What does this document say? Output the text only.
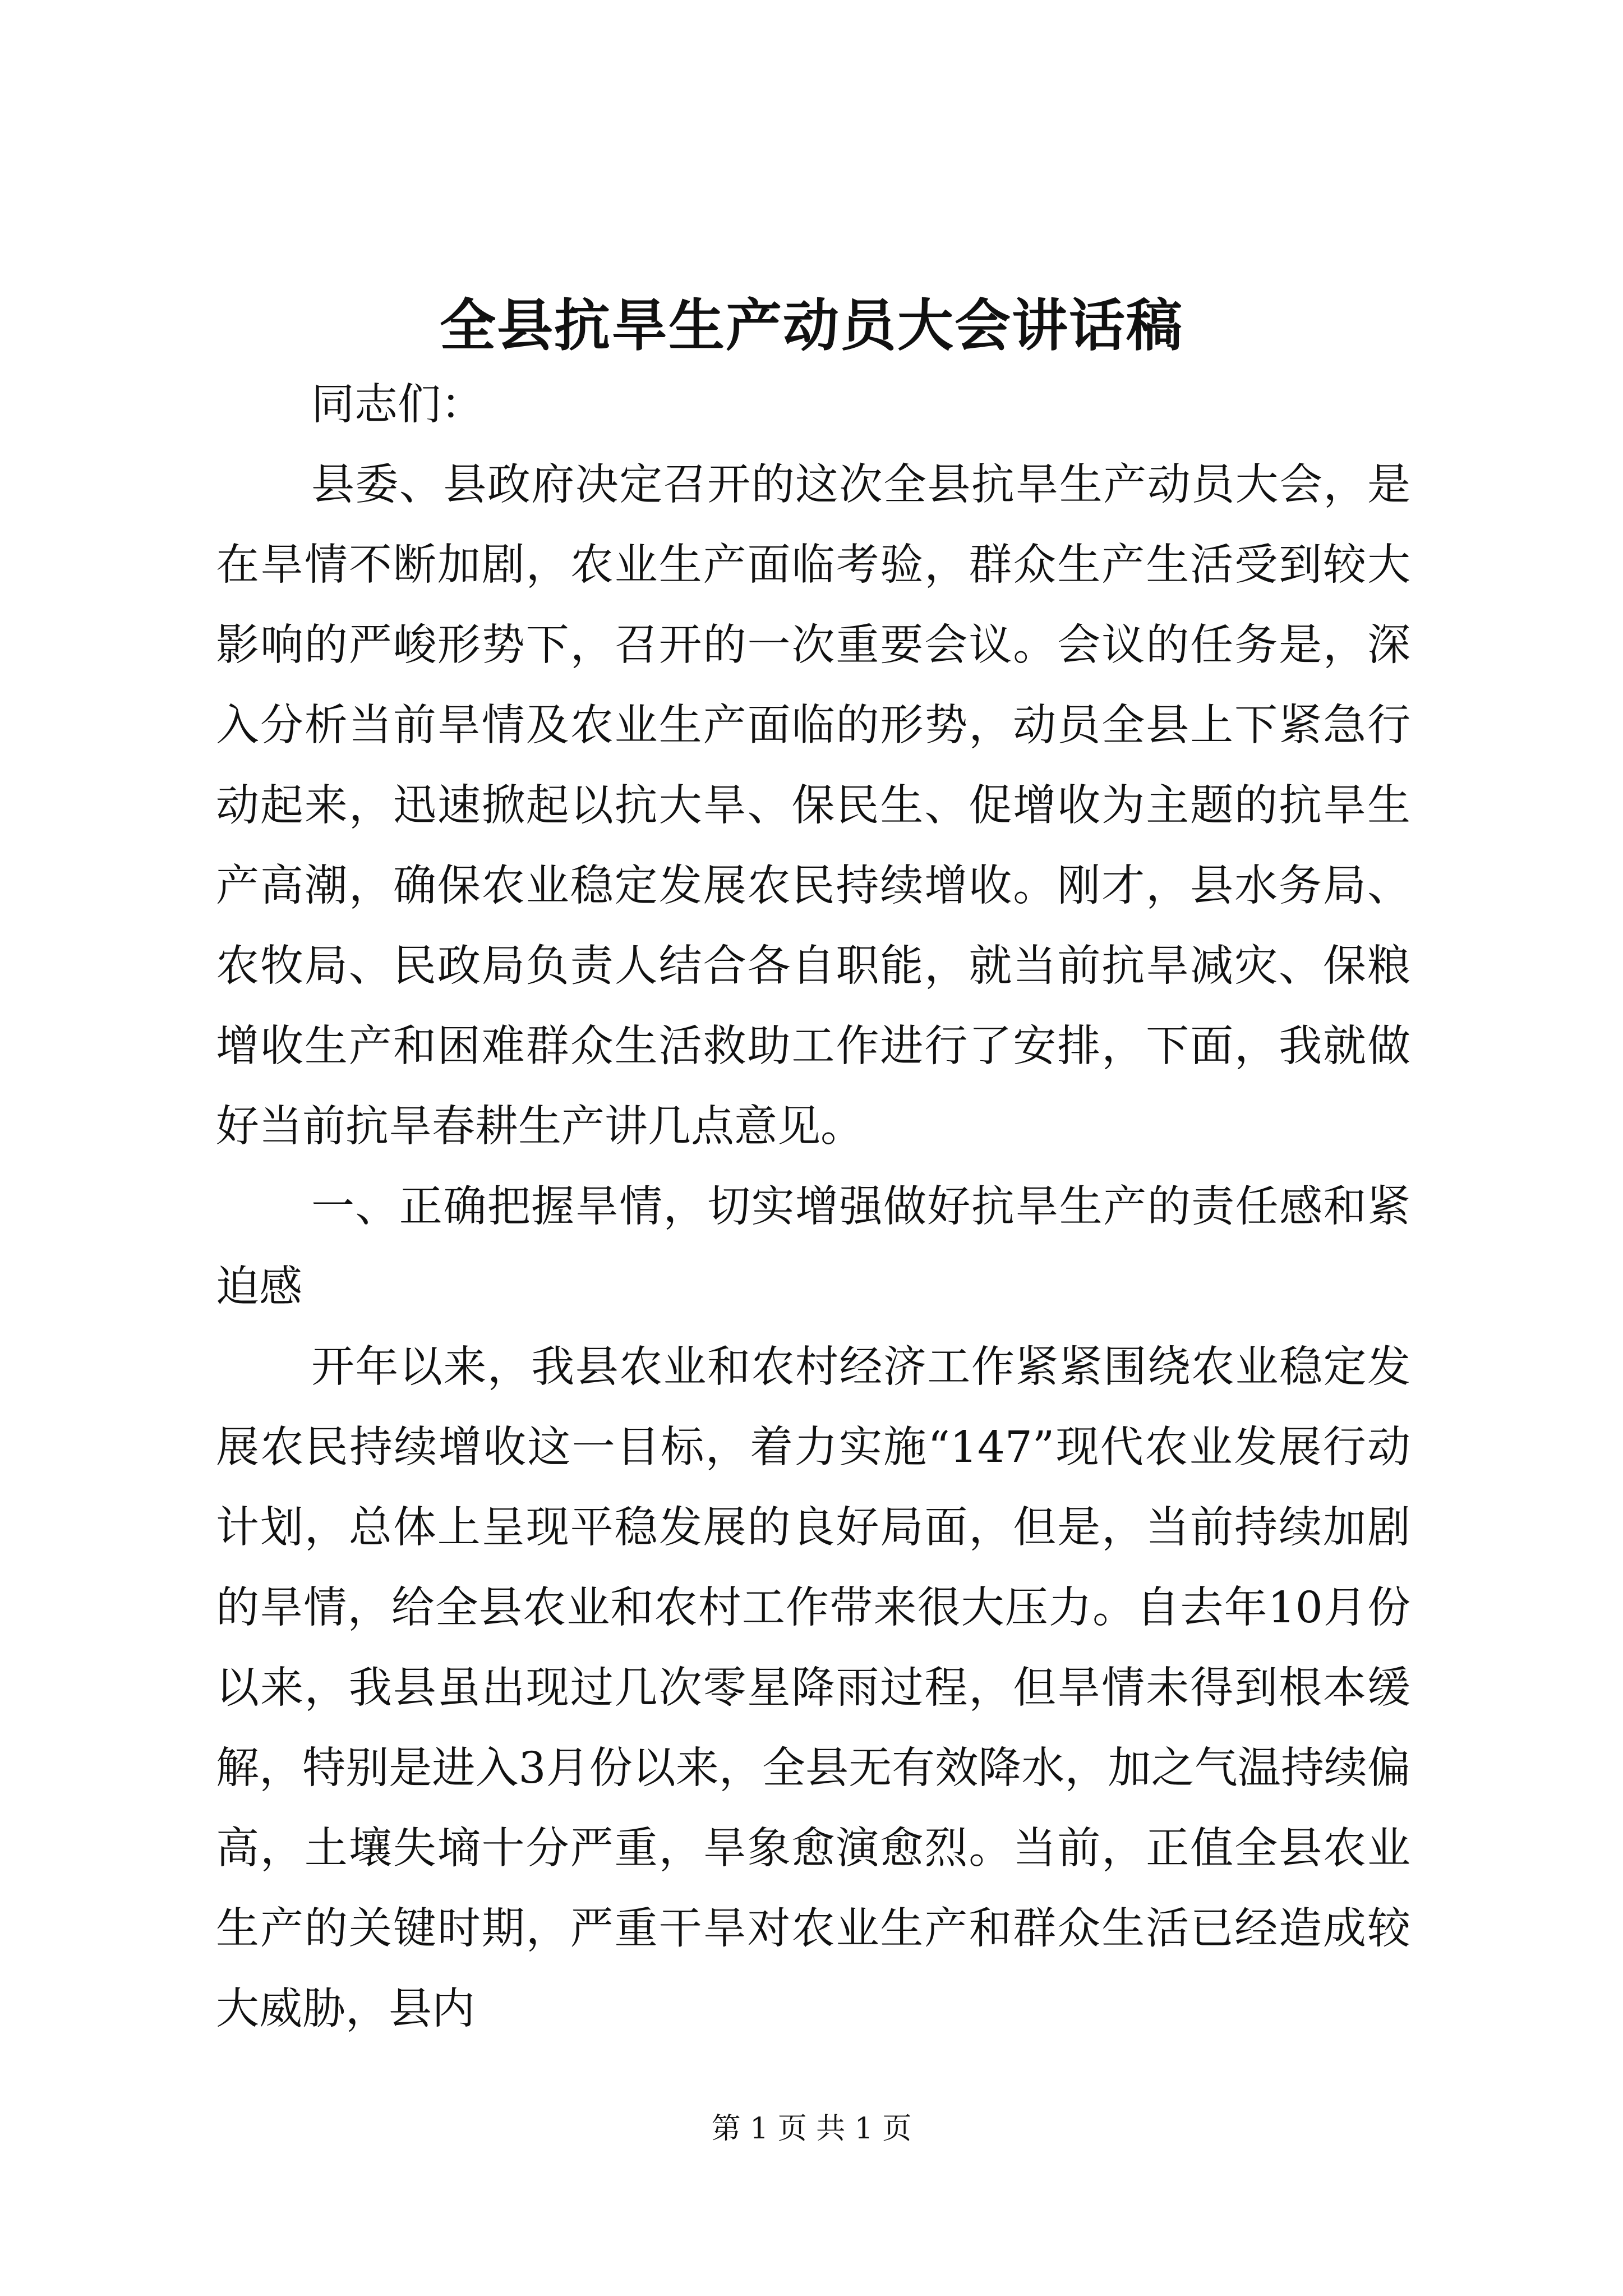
全县抗旱生产动员大会讲话稿

同志们：

县委、县政府决定召开的这次全县抗旱生产动员大会，是在旱情不断加剧，农业生产面临考验，群众生产生活受到较大影响的严峻形势下，召开的一次重要会议。会议的任务是，深入分析当前旱情及农业生产面临的形势，动员全县上下紧急行动起来，迅速掀起以抗大旱、保民生、促增收为主题的抗旱生产高潮，确保农业稳定发展农民持续增收。刚才，县水务局、农牧局、民政局负责人结合各自职能，就当前抗旱减灾、保粮增收生产和困难群众生活救助工作进行了安排，下面，我就做好当前抗旱春耕生产讲几点意见。

一、正确把握旱情，切实增强做好抗旱生产的责任感和紧迫感

开年以来，我县农业和农村经济工作紧紧围绕农业稳定发展农民持续增收这一目标，着力实施“147”现代农业发展行动计划，总体上呈现平稳发展的良好局面，但是，当前持续加剧的旱情，给全县农业和农村工作带来很大压力。自去年10月份以来，我县虽出现过几次零星降雨过程，但旱情未得到根本缓解，特别是进入3月份以来，全县无有效降水，加之气温持续偏高，土壤失墒十分严重，旱象愈演愈烈。当前，正值全县农业生产的关键时期，严重干旱对农业生产和群众生活已经造成较大威胁，县内

第 1 页 共 1 页
